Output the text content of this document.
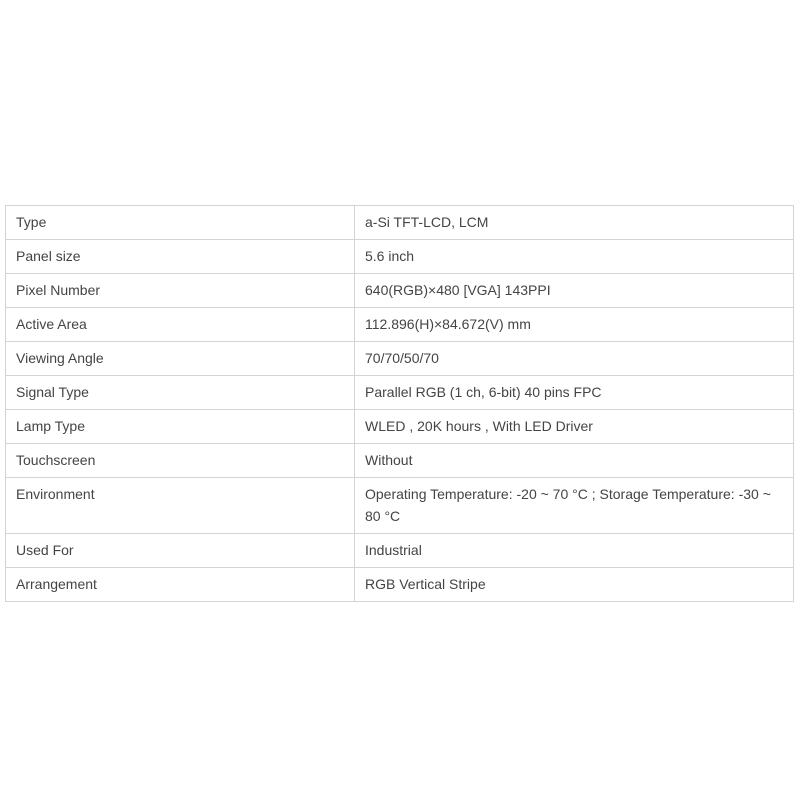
Type	a-Si TFT-LCD, LCM
Panel size	5.6 inch
Pixel Number	640(RGB)×480 [VGA] 143PPI
Active Area	112.896(H)×84.672(V) mm
Viewing Angle	70/70/50/70
Signal Type	Parallel RGB (1 ch, 6-bit) 40 pins FPC
Lamp Type	WLED , 20K hours , With LED Driver
Touchscreen	Without
Environment	Operating Temperature: -20 ~ 70 °C ; Storage Temperature: -30 ~ 80 °C
Used For	Industrial
Arrangement	RGB Vertical Stripe
